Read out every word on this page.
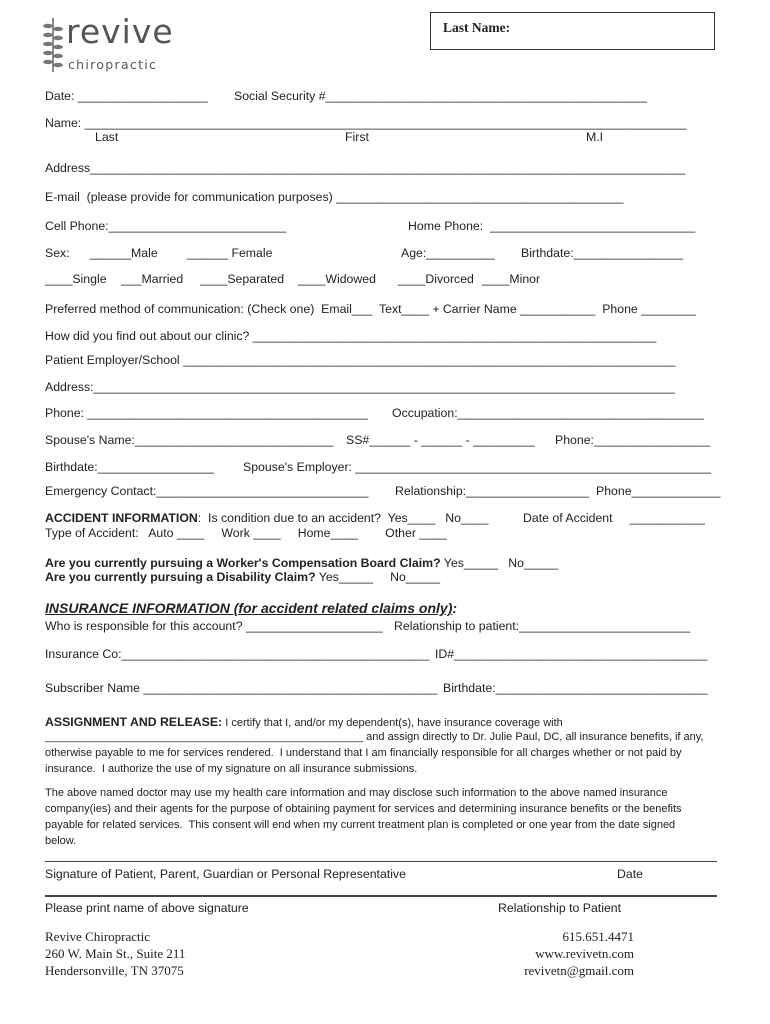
revive
chiropractic
Last Name:
Date: ___________________ Social Security #_______________________________________________
Name: ________________________________________________________________________________________
Last	First	M.I
Address_______________________________________________________________________________________
E-mail  (please provide for communication purposes) __________________________________________
Cell Phone:__________________________	Home Phone:  ______________________________
Sex: ______Male ______ Female	Age:__________ Birthdate:________________
____Single ___Married ____Separated ____Widowed ____Divorced ____Minor
Preferred method of communication: (Check one)  Email___  Text____ + Carrier Name ___________  Phone ________
How did you find out about our clinic? ___________________________________________________________
Patient Employer/School ________________________________________________________________________
Address:_____________________________________________________________________________________
Phone: _________________________________________ Occupation:____________________________________
Spouse's Name:_____________________________ SS#______ - ______ - _________ Phone:_________________
Birthdate:_________________ Spouse's Employer: ____________________________________________________
Emergency Contact:_______________________________ Relationship:__________________ Phone_____________
ACCIDENT INFORMATION:  Is condition due to an accident?  Yes____   No____	Date of Accident     ___________
Type of Accident:   Auto ____     Work ____     Home____        Other ____
Are you currently pursuing a Worker's Compensation Board Claim? Yes_____   No_____
Are you currently pursuing a Disability Claim? Yes_____     No_____
INSURANCE INFORMATION (for accident related claims only):
Who is responsible for this account? ____________________ Relationship to patient:_________________________
Insurance Co:_____________________________________________ ID#_____________________________________
Subscriber Name ___________________________________________ Birthdate:_______________________________
ASSIGNMENT AND RELEASE: I certify that I, and/or my dependent(s), have insurance coverage with
____________________________________________________ and assign directly to Dr. Julie Paul, DC, all insurance benefits, if any,
otherwise payable to me for services rendered.  I understand that I am financially responsible for all charges whether or not paid by
insurance.  I authorize the use of my signature on all insurance submissions.
The above named doctor may use my health care information and may disclose such information to the above named insurance
company(ies) and their agents for the purpose of obtaining payment for services and determining insurance benefits or the benefits
payable for related services.  This consent will end when my current treatment plan is completed or one year from the date signed
below.
Signature of Patient, Parent, Guardian or Personal Representative	Date
Please print name of above signature	Relationship to Patient
Revive Chiropractic
260 W. Main St., Suite 211
Hendersonville, TN 37075
615.651.4471
www.revivetn.com
revivetn@gmail.com
